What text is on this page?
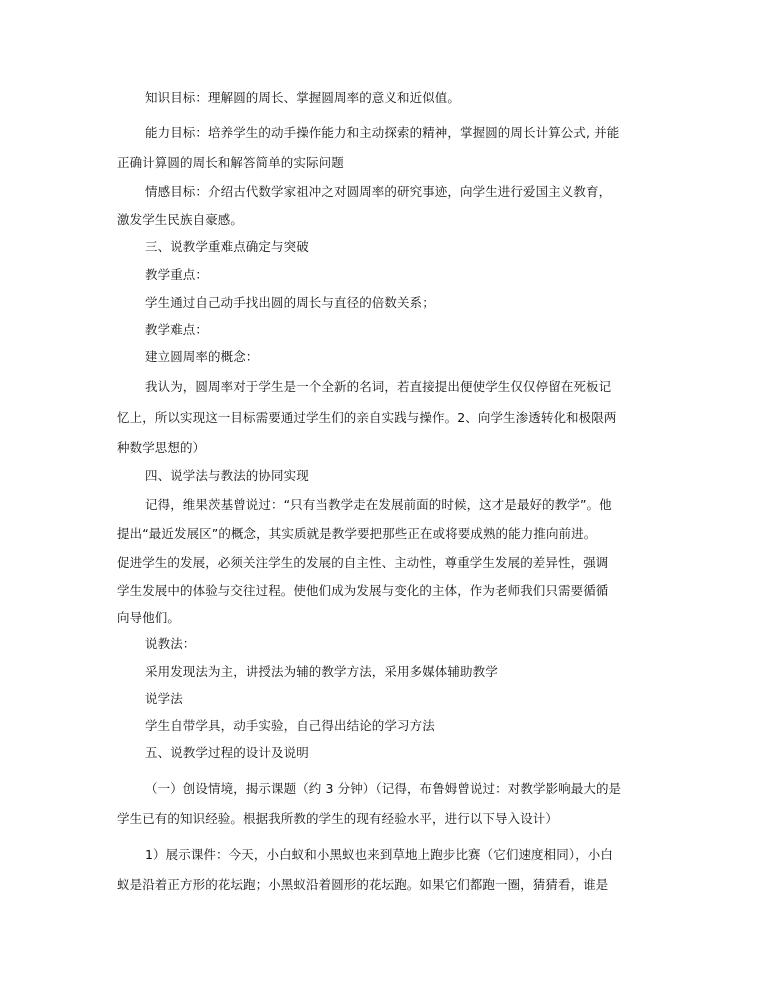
知识目标：理解圆的周长、掌握圆周率的意义和近似值。
能力目标：培养学生的动手操作能力和主动探索的精神，掌握圆的周长计算公式, 并能
正确计算圆的周长和解答简单的实际问题
情感目标：介绍古代数学家祖冲之对圆周率的研究事迹，向学生进行爱国主义教育，
激发学生民族自豪感。
三、说教学重难点确定与突破
教学重点：
学生通过自己动手找出圆的周长与直径的倍数关系；
教学难点：
建立圆周率的概念：
我认为，圆周率对于学生是一个全新的名词，若直接提出便使学生仅仅停留在死板记
忆上，所以实现这一目标需要通过学生们的亲自实践与操作。2、向学生渗透转化和极限两
种数学思想的）
四、说学法与教法的协同实现
记得，维果茨基曾说过：“只有当教学走在发展前面的时候，这才是最好的教学”。他
提出“最近发展区”的概念，其实质就是教学要把那些正在或将要成熟的能力推向前进。
促进学生的发展，必须关注学生的发展的自主性、主动性，尊重学生发展的差异性，强调
学生发展中的体验与交往过程。使他们成为发展与变化的主体，作为老师我们只需要循循
向导他们。
说教法：
采用发现法为主，讲授法为辅的教学方法，采用多媒体辅助教学
说学法
学生自带学具，动手实验，自己得出结论的学习方法
五、说教学过程的设计及说明
（一）创设情境，揭示课题（约 3 分钟）（记得，布鲁姆曾说过：对教学影响最大的是
学生已有的知识经验。根据我所教的学生的现有经验水平，进行以下导入设计）
1）展示课件：今天，小白蚁和小黑蚁也来到草地上跑步比赛（它们速度相同），小白
蚁是沿着正方形的花坛跑；小黑蚁沿着圆形的花坛跑。如果它们都跑一圈，猜猜看，谁是
